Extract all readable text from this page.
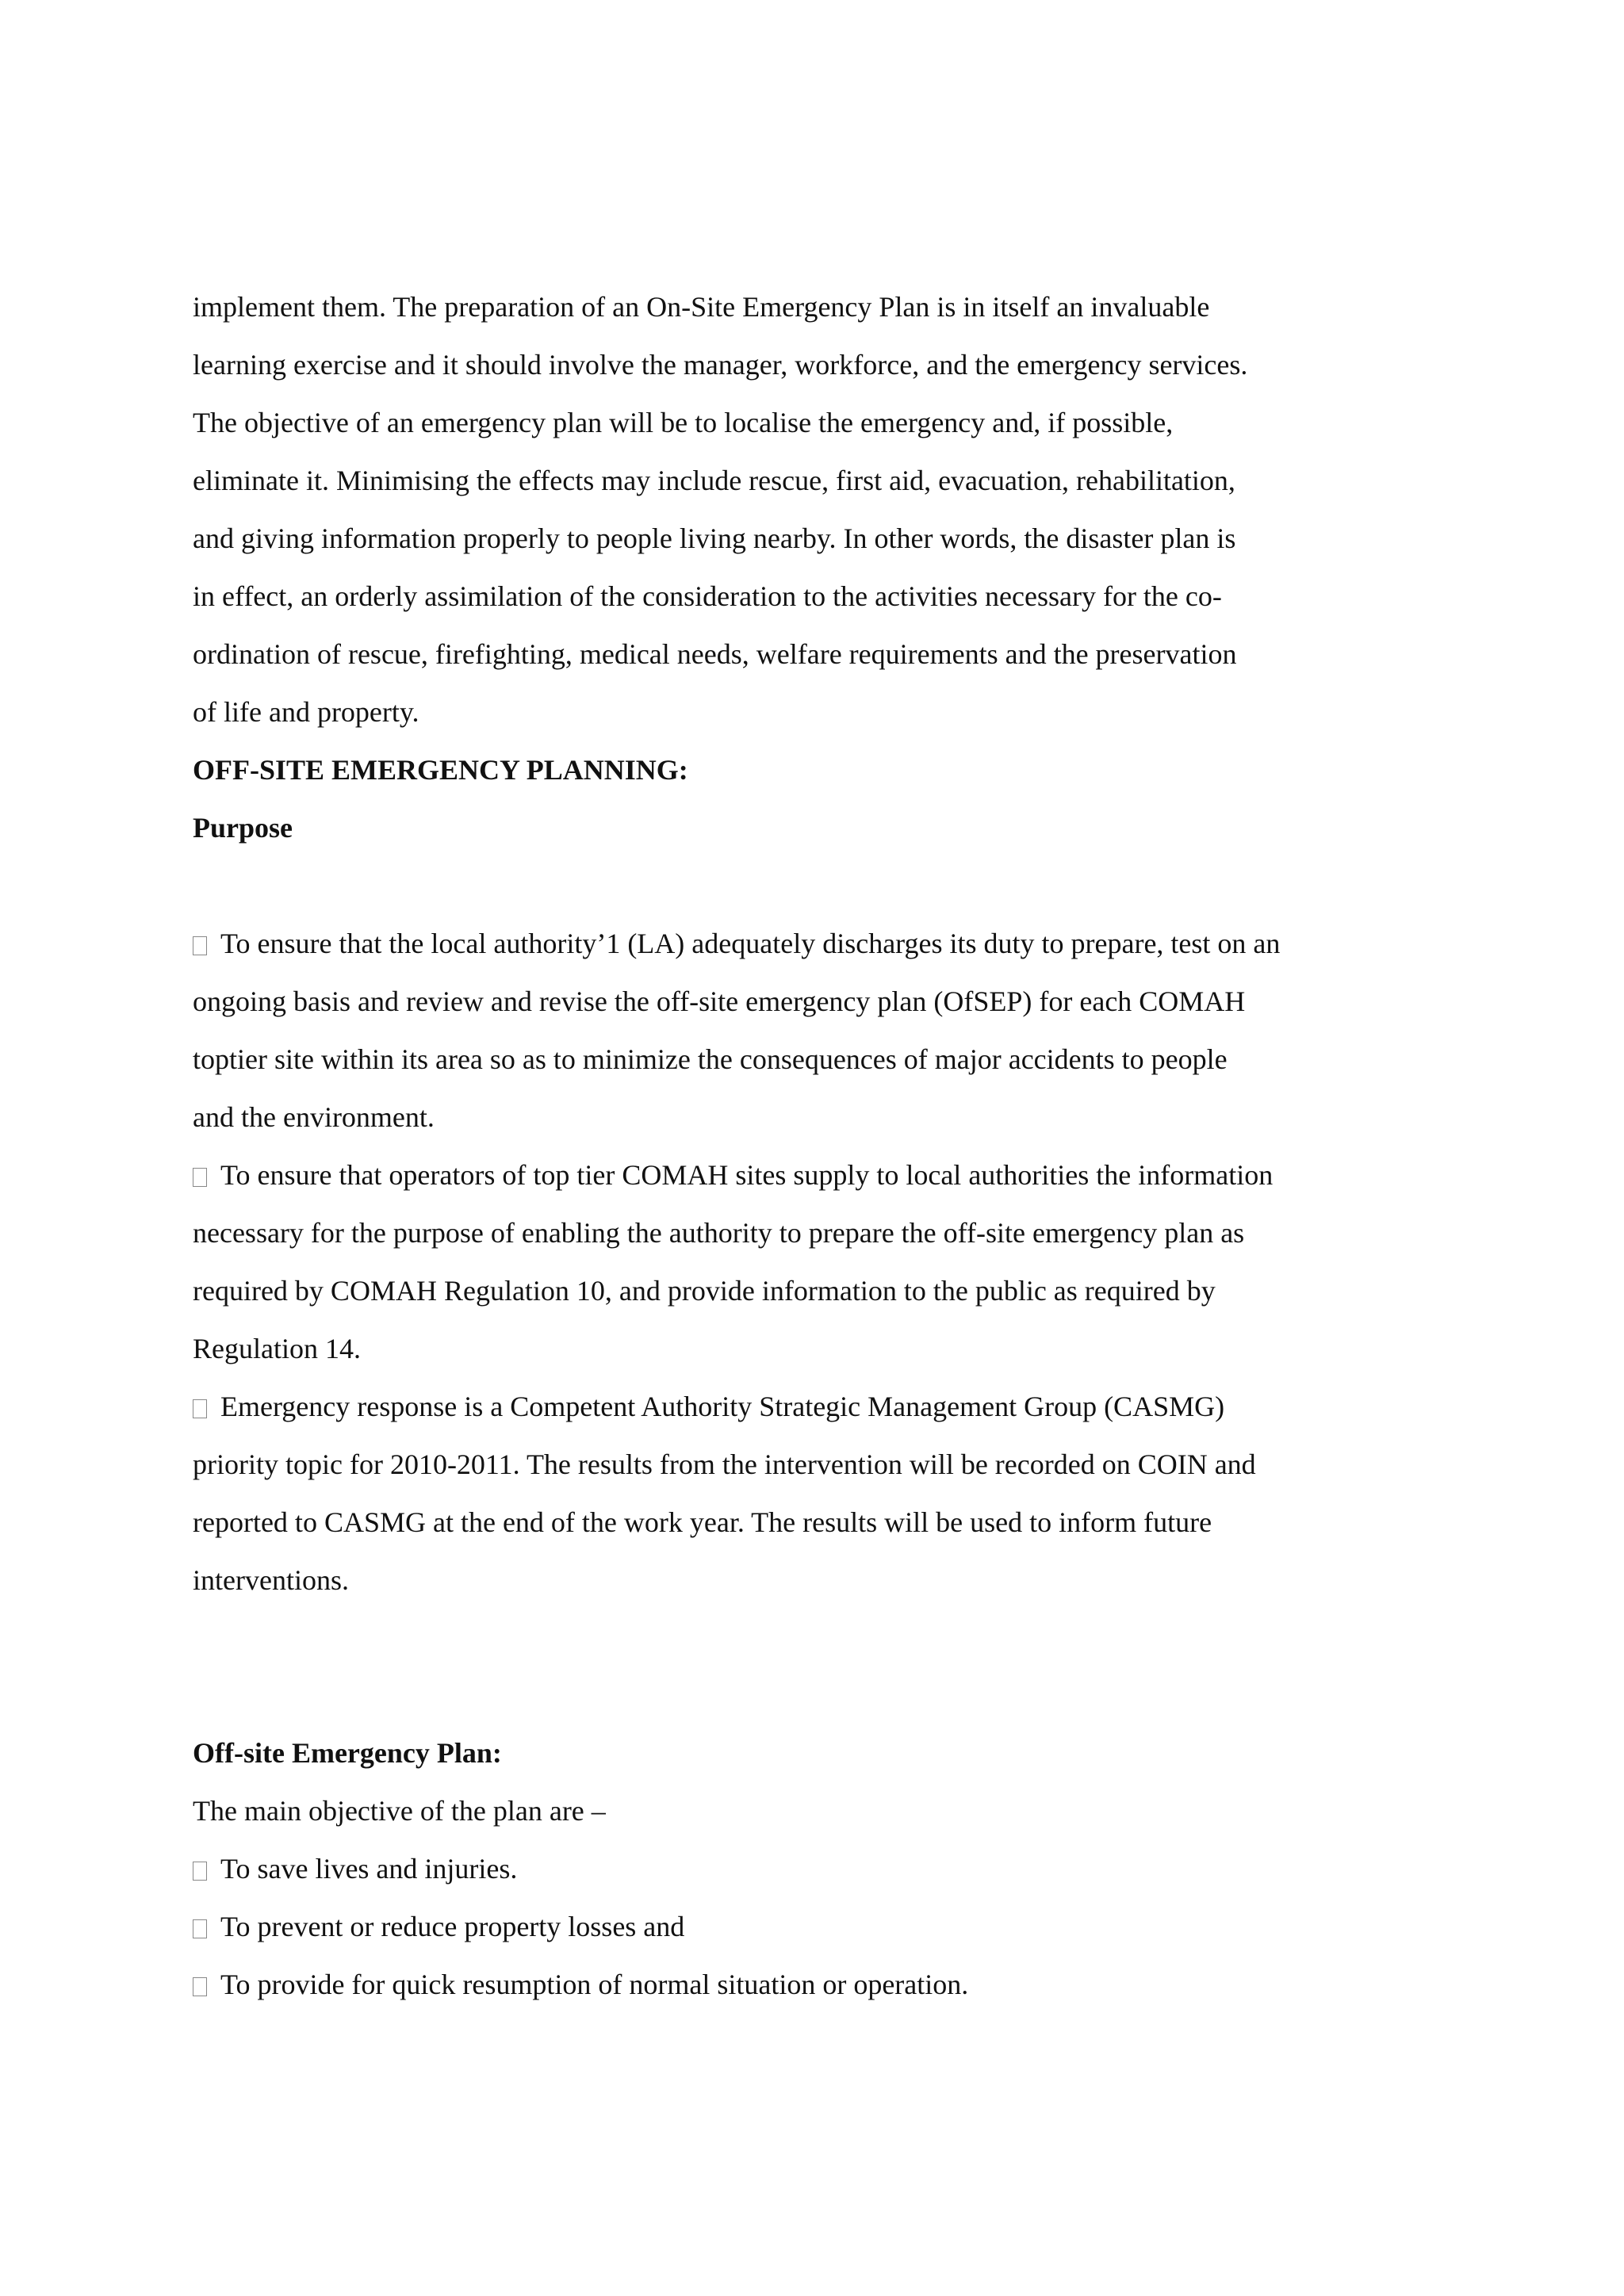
implement them. The preparation of an On-Site Emergency Plan is in itself an invaluable

learning exercise and it should involve the manager, workforce, and the emergency services.

The objective of an emergency plan will be to localise the emergency and, if possible,

eliminate it. Minimising the effects may include rescue, first aid, evacuation, rehabilitation,

and giving information properly to people living nearby. In other words, the disaster plan is

in effect, an orderly assimilation of the consideration to the activities necessary for the co-

ordination of rescue, firefighting, medical needs, welfare requirements and the preservation

of life and property.

OFF-SITE EMERGENCY PLANNING:

Purpose

To ensure that the local authority’1 (LA) adequately discharges its duty to prepare, test on an

ongoing basis and review and revise the off-site emergency plan (OfSEP) for each COMAH

toptier site within its area so as to minimize the consequences of major accidents to people

and the environment.

To ensure that operators of top tier COMAH sites supply to local authorities the information

necessary for the purpose of enabling the authority to prepare the off-site emergency plan as

required by COMAH Regulation 10, and provide information to the public as required by

Regulation 14.

Emergency response is a Competent Authority Strategic Management Group (CASMG)

priority topic for 2010-2011. The results from the intervention will be recorded on COIN and

reported to CASMG at the end of the work year. The results will be used to inform future

interventions.

Off-site Emergency Plan:

The main objective of the plan are –

To save lives and injuries.

To prevent or reduce property losses and

To provide for quick resumption of normal situation or operation.
